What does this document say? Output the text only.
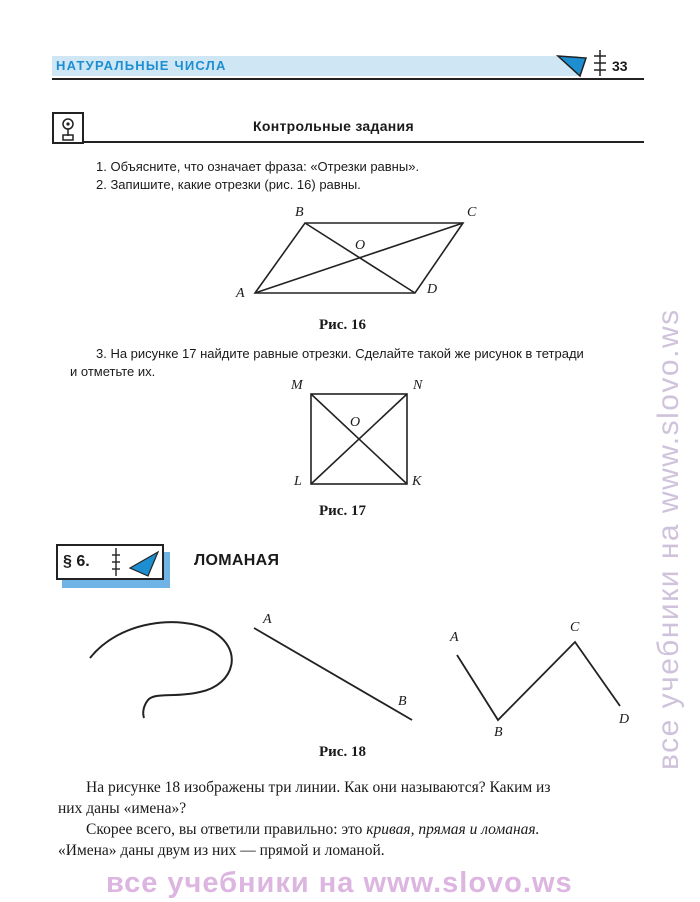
НАТУРАЛЬНЫЕ ЧИСЛА	33
Контрольные задания
1. Объясните, что означает фраза: «Отрезки равны».
2. Запишите, какие отрезки (рис. 16) равны.
B	C
O
A	D
Рис. 16
3. На рисунке 17 найдите равные отрезки. Сделайте такой же рисунок в тетради
и отметьте их.
M	N
O
L	K
Рис. 17
§ 6.	ЛОМАНАЯ
A
B
A
B
C
D
Рис. 18
На рисунке 18 изображены три линии. Как они называются? Каким из
них даны «имена»?
Скорее всего, вы ответили правильно: это кривая, прямая и ломаная.
«Имена» даны двум из них — прямой и ломаной.
все учебники на www.slovo.ws
все учебники на www.slovo.ws
